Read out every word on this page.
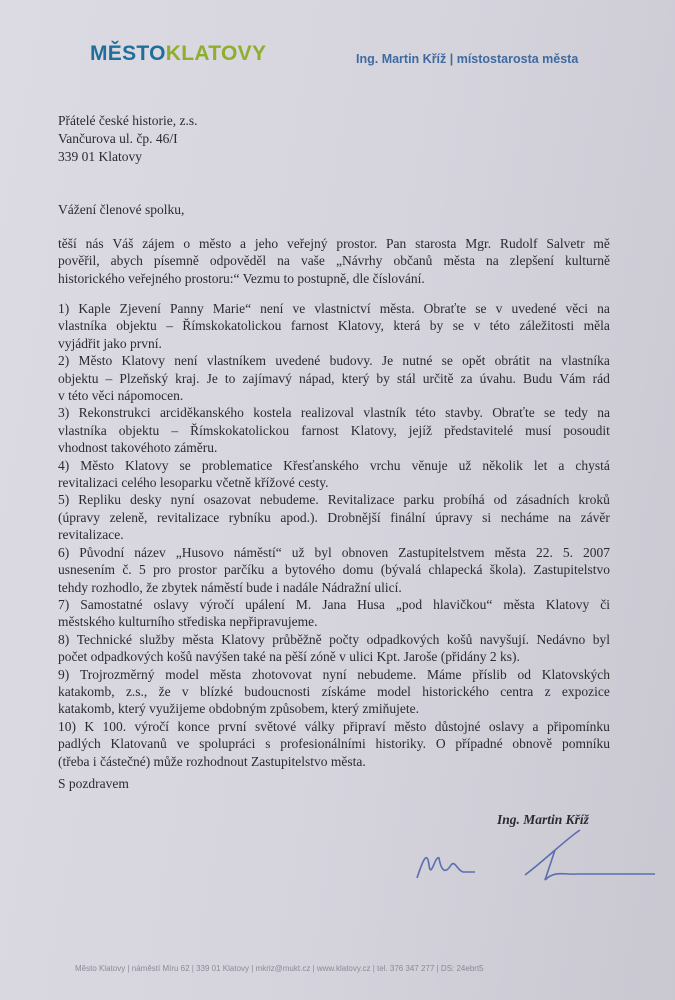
MĚSTOKLATOVY	Ing. Martin Kříž | místostarosta města
Přátelé české historie, z.s.
Vančurova ul. čp. 46/I
339 01 Klatovy
Vážení členové spolku,
těší nás Váš zájem o město a jeho veřejný prostor. Pan starosta Mgr. Rudolf Salvetr mě
pověřil, abych písemně odpověděl na vaše „Návrhy občanů města na zlepšení kulturně
historického veřejného prostoru:“ Vezmu to postupně, dle číslování.
1) Kaple Zjevení Panny Marie“ není ve vlastnictví města. Obraťte se v uvedené věci na
vlastníka objektu – Římskokatolickou farnost Klatovy, která by se v této záležitosti měla
vyjádřit jako první.
2) Město Klatovy není vlastníkem uvedené budovy. Je nutné se opět obrátit na vlastníka
objektu – Plzeňský kraj. Je to zajímavý nápad, který by stál určitě za úvahu. Budu Vám rád
v této věci nápomocen.
3) Rekonstrukci arciděkanského kostela realizoval vlastník této stavby. Obraťte se tedy na
vlastníka objektu – Římskokatolickou farnost Klatovy, jejíž představitelé musí posoudit
vhodnost takovéhoto záměru.
4) Město Klatovy se problematice Křesťanského vrchu věnuje už několik let a chystá
revitalizaci celého lesoparku včetně křížové cesty.
5) Repliku desky nyní osazovat nebudeme. Revitalizace parku probíhá od zásadních kroků
(úpravy zeleně, revitalizace rybníku apod.). Drobnější finální úpravy si necháme na závěr
revitalizace.
6) Původní název „Husovo náměstí“ už byl obnoven Zastupitelstvem města 22. 5. 2007
usnesením č. 5 pro prostor parčíku a bytového domu (bývalá chlapecká škola). Zastupitelstvo
tehdy rozhodlo, že zbytek náměstí bude i nadále Nádražní ulicí.
7) Samostatné oslavy výročí upálení M. Jana Husa „pod hlavičkou“ města Klatovy či
městského kulturního střediska nepřipravujeme.
8) Technické služby města Klatovy průběžně počty odpadkových košů navyšují. Nedávno byl
počet odpadkových košů navýšen také na pěší zóně v ulici Kpt. Jaroše (přidány 2 ks).
9) Trojrozměrný model města zhotovovat nyní nebudeme. Máme příslib od Klatovských
katakomb, z.s., že v blízké budoucnosti získáme model historického centra z expozice
katakomb, který využijeme obdobným způsobem, který zmiňujete.
10) K 100. výročí konce první světové války připraví město důstojné oslavy a připomínku
padlých Klatovanů ve spolupráci s profesionálními historiky. O případné obnově pomníku
(třeba i částečné) může rozhodnout Zastupitelstvo města.
S pozdravem
Ing. Martin Kříž
Město Klatovy | náměstí Míru 62 | 339 01 Klatovy | mkriz@mukt.cz | www.klatovy.cz | tel. 376 347 277 | DS: 24ebrt5
